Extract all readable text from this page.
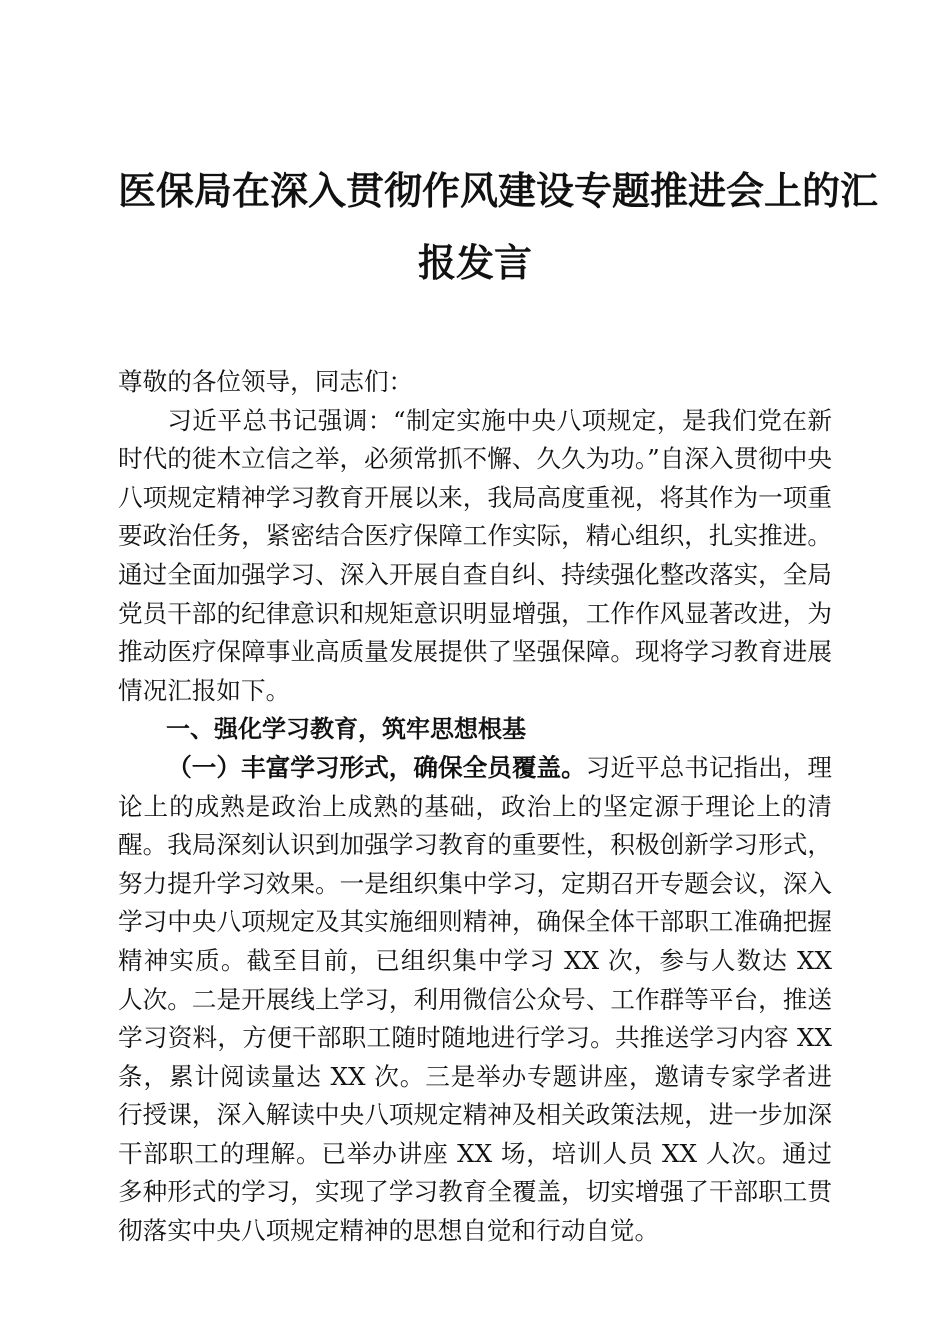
医保局在深入贯彻作风建设专题推进会上的汇
报发言

尊敬的各位领导，同志们：

习近平总书记强调：“制定实施中央八项规定，是我们党在新时代的徙木立信之举，必须常抓不懈、久久为功。”自深入贯彻中央八项规定精神学习教育开展以来，我局高度重视，将其作为一项重要政治任务，紧密结合医疗保障工作实际，精心组织，扎实推进。通过全面加强学习、深入开展自查自纠、持续强化整改落实，全局党员干部的纪律意识和规矩意识明显增强，工作作风显著改进，为推动医疗保障事业高质量发展提供了坚强保障。现将学习教育进展情况汇报如下。

一、强化学习教育，筑牢思想根基

（一）丰富学习形式，确保全员覆盖。习近平总书记指出，理论上的成熟是政治上成熟的基础，政治上的坚定源于理论上的清醒。我局深刻认识到加强学习教育的重要性，积极创新学习形式，努力提升学习效果。一是组织集中学习，定期召开专题会议，深入学习中央八项规定及其实施细则精神，确保全体干部职工准确把握精神实质。截至目前，已组织集中学习 XX 次，参与人数达 XX 人次。二是开展线上学习，利用微信公众号、工作群等平台，推送学习资料，方便干部职工随时随地进行学习。共推送学习内容 XX 条，累计阅读量达 XX 次。三是举办专题讲座，邀请专家学者进行授课，深入解读中央八项规定精神及相关政策法规，进一步加深干部职工的理解。已举办讲座 XX 场，培训人员 XX 人次。通过多种形式的学习，实现了学习教育全覆盖，切实增强了干部职工贯彻落实中央八项规定精神的思想自觉和行动自觉。
